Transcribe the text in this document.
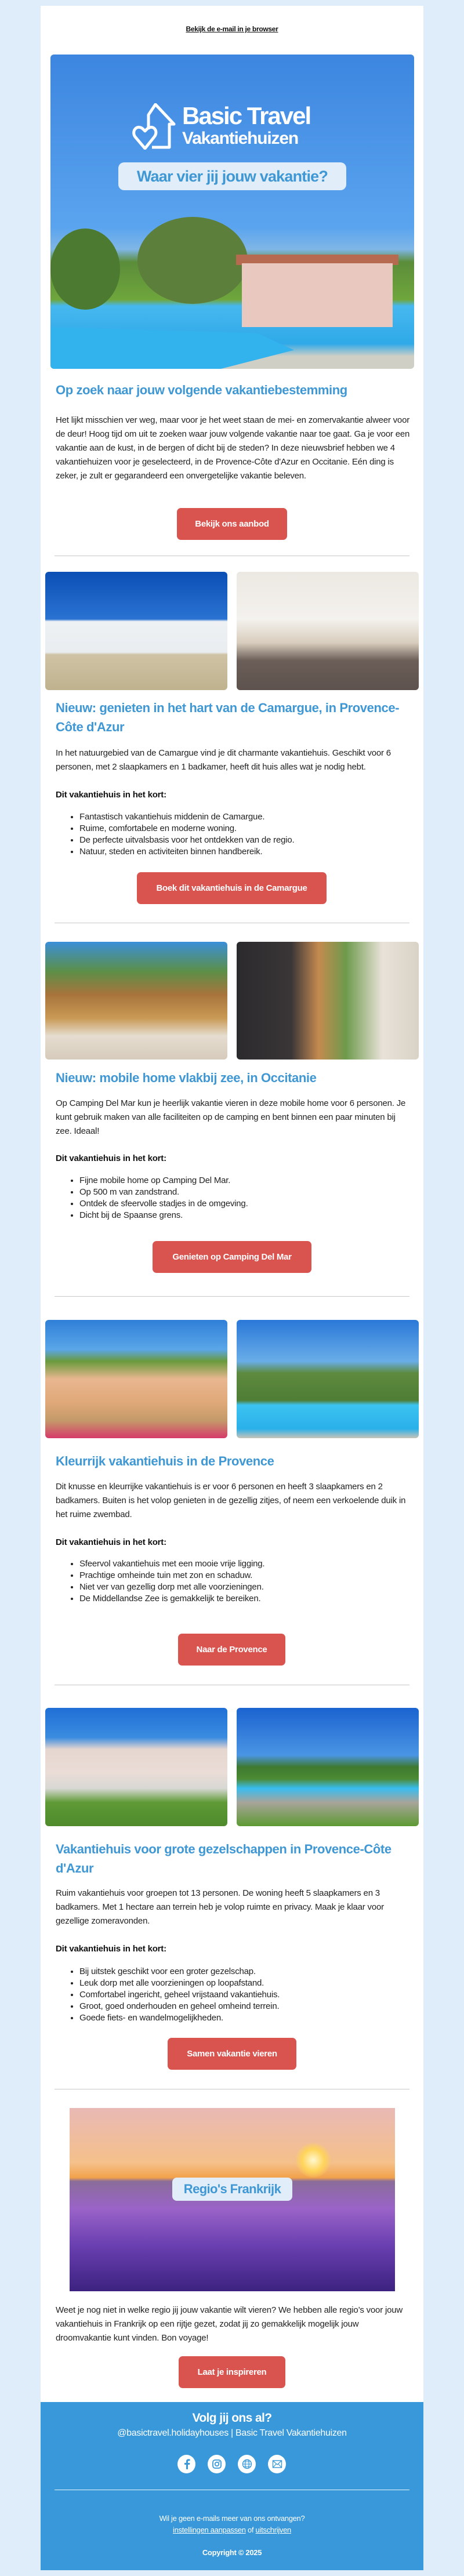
Bekijk de e-mail in je browser
Basic Travel
Vakantiehuizen
Waar vier jij jouw vakantie?
Op zoek naar jouw volgende vakantiebestemming
Het lijkt misschien ver weg, maar voor je het weet staan de mei- en zomervakantie alweer voor de deur! Hoog tijd om uit te zoeken waar jouw volgende vakantie naar toe gaat. Ga je voor een vakantie aan de kust, in de bergen of dicht bij de steden? In deze nieuwsbrief hebben we 4 vakantiehuizen voor je geselecteerd, in de Provence-Côte d'Azur en Occitanie. Eén ding is zeker, je zult er gegarandeerd een onvergetelijke vakantie beleven.
Bekijk ons aanbod
Nieuw: genieten in het hart van de Camargue, in Provence-Côte d'Azur
In het natuurgebied van de Camargue vind je dit charmante vakantiehuis. Geschikt voor 6 personen, met 2 slaapkamers en 1 badkamer, heeft dit huis alles wat je nodig hebt.
Dit vakantiehuis in het kort:
• Fantastisch vakantiehuis middenin de Camargue.
• Ruime, comfortabele en moderne woning.
• De perfecte uitvalsbasis voor het ontdekken van de regio.
• Natuur, steden en activiteiten binnen handbereik.
Boek dit vakantiehuis in de Camargue
Nieuw: mobile home vlakbij zee, in Occitanie
Op Camping Del Mar kun je heerlijk vakantie vieren in deze mobile home voor 6 personen. Je kunt gebruik maken van alle faciliteiten op de camping en bent binnen een paar minuten bij zee. Ideaal!
Dit vakantiehuis in het kort:
• Fijne mobile home op Camping Del Mar.
• Op 500 m van zandstrand.
• Ontdek de sfeervolle stadjes in de omgeving.
• Dicht bij de Spaanse grens.
Genieten op Camping Del Mar
Kleurrijk vakantiehuis in de Provence
Dit knusse en kleurrijke vakantiehuis is er voor 6 personen en heeft 3 slaapkamers en 2 badkamers. Buiten is het volop genieten in de gezellig zitjes, of neem een verkoelende duik in het ruime zwembad.
Dit vakantiehuis in het kort:
• Sfeervol vakantiehuis met een mooie vrije ligging.
• Prachtige omheinde tuin met zon en schaduw.
• Niet ver van gezellig dorp met alle voorzieningen.
• De Middellandse Zee is gemakkelijk te bereiken.
Naar de Provence
Vakantiehuis voor grote gezelschappen in Provence-Côte d'Azur
Ruim vakantiehuis voor groepen tot 13 personen. De woning heeft 5 slaapkamers en 3 badkamers. Met 1 hectare aan terrein heb je volop ruimte en privacy. Maak je klaar voor gezellige zomeravonden.
Dit vakantiehuis in het kort:
• Bij uitstek geschikt voor een groter gezelschap.
• Leuk dorp met alle voorzieningen op loopafstand.
• Comfortabel ingericht, geheel vrijstaand vakantiehuis.
• Groot, goed onderhouden en geheel omheind terrein.
• Goede fiets- en wandelmogelijkheden.
Samen vakantie vieren
Regio's Frankrijk
Weet je nog niet in welke regio jij jouw vakantie wilt vieren? We hebben alle regio’s voor jouw vakantiehuis in Frankrijk op een rijtje gezet, zodat jij zo gemakkelijk mogelijk jouw droomvakantie kunt vinden. Bon voyage!
Laat je inspireren
Volg jij ons al?
@basictravel.holidayhouses | Basic Travel Vakantiehuizen
Wil je geen e-mails meer van ons ontvangen?
instellingen aanpassen of uitschrijven
Copyright © 2025
